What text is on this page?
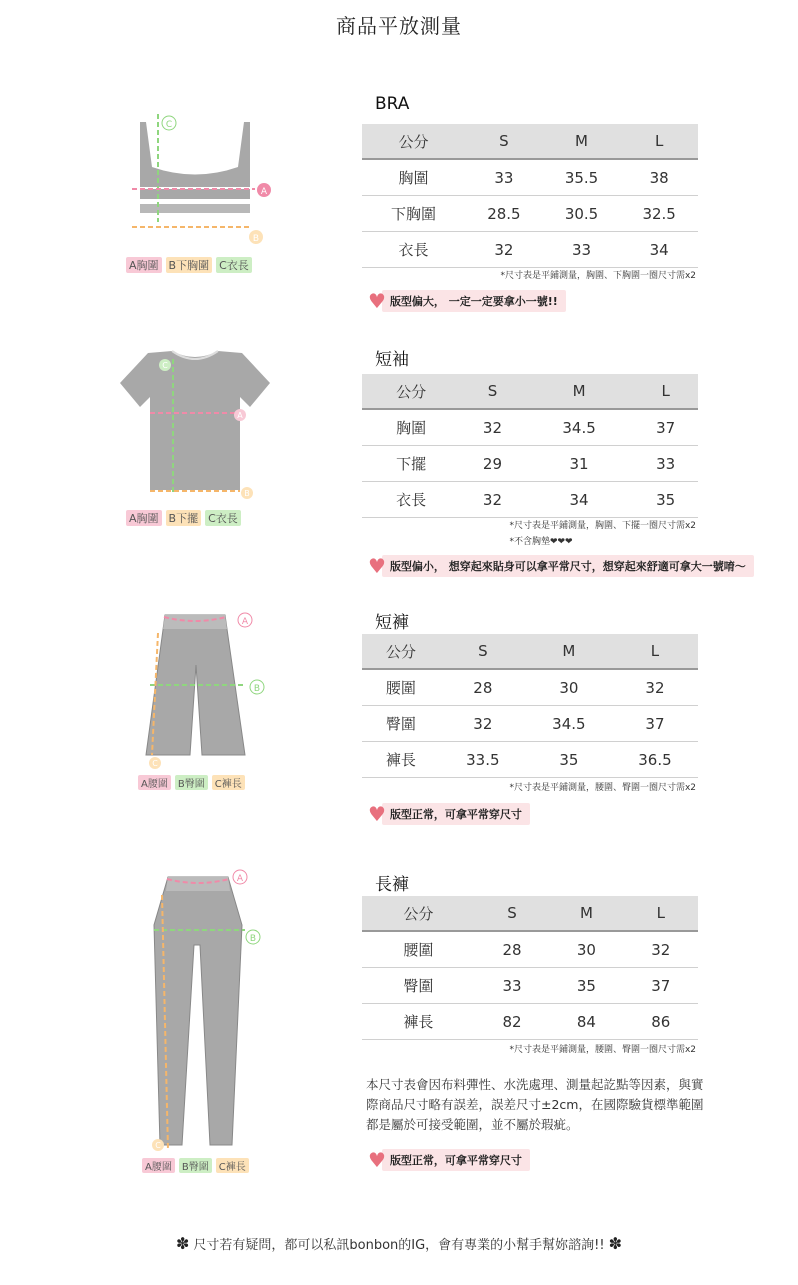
商品平放測量
C
A
B
A胸圍 B下胸圍 C衣長
BRA
公分	S	M	L
胸圍	33	35.5	38
下胸圍	28.5	30.5	32.5
衣長	32	33	34
*尺寸表是平鋪測量，胸圍、下胸圍一圈尺寸需x2
♥ 版型偏大， 一定一定要拿小一號!!
C
A
B
A胸圍 B下擺 C衣長
短袖
公分	S	M	L
胸圍	32	34.5	37
下擺	29	31	33
衣長	32	34	35
*尺寸表是平鋪測量，胸圍、下擺一圈尺寸需x2
*不含胸墊❤❤❤
♥ 版型偏小， 想穿起來貼身可以拿平常尺寸，想穿起來舒適可拿大一號唷～
A
B
C
A腰圍 B臀圍 C褲長
短褲
公分	S	M	L
腰圍	28	30	32
臀圍	32	34.5	37
褲長	33.5	35	36.5
*尺寸表是平鋪測量，腰圍、臀圍一圈尺寸需x2
♥ 版型正常，可拿平常穿尺寸
A
B
C
A腰圍 B臀圍 C褲長
長褲
公分	S	M	L
腰圍	28	30	32
臀圍	33	35	37
褲長	82	84	86
*尺寸表是平鋪測量，腰圍、臀圍一圈尺寸需x2
本尺寸表會因布料彈性、水洗處理、測量起訖點等因素，與實際商品尺寸略有誤差，誤差尺寸±2cm，在國際驗貨標準範圍都是屬於可接受範圍，並不屬於瑕疵。
♥ 版型正常，可拿平常穿尺寸
✽ 尺寸若有疑問，都可以私訊bonbon的IG，會有專業的小幫手幫妳諮詢!! ✽
